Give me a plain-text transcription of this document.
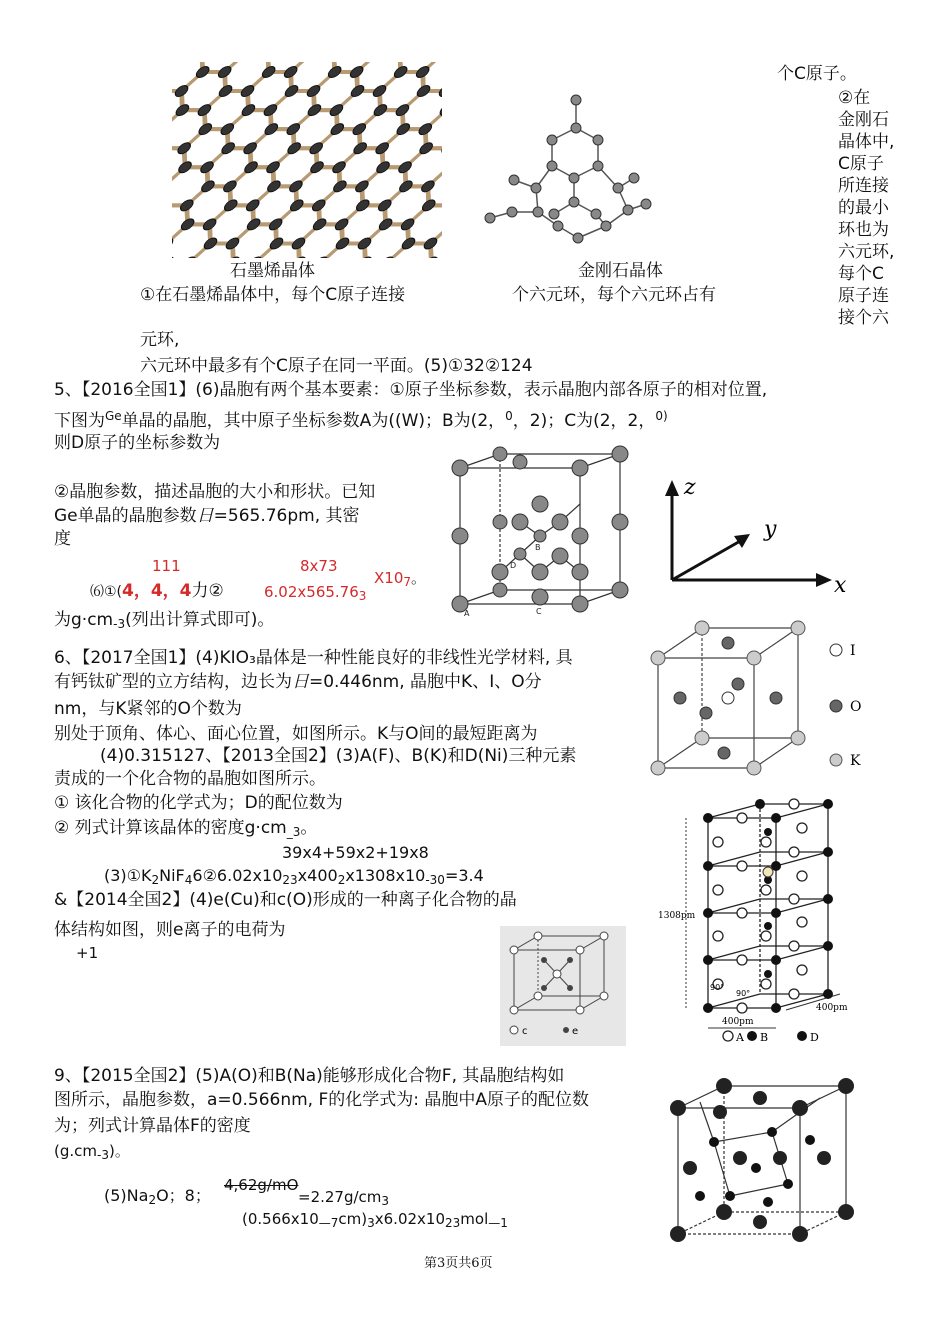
石墨烯晶体	金刚石晶体
①在石墨烯晶体中，每个C原子连接	个六元环，每个六元环占有
元环,
六元环中最多有个C原子在同一平面。(5)①32②124
个C原子。
②在
金刚石
晶体中,
C原子
所连接
的最小
环也为
六元环,
每个C
原子连
接个六
5、【2016全国1】(6)晶胞有两个基本要素：①原子坐标参数，表示晶胞内部各原子的相对位置,
下图为$^{Ge}$单晶的晶胞，其中原子坐标参数A为((W)；B为(2，$^0$，2)；C为(2，2，$^{0)}$
则D原子的坐标参数为
②晶胞参数，描述晶胞的大小和形状。已知
Ge单晶的晶胞参数日=565.76pm, 其密
度
111	8x73
⑹①(4，4，4力②	$6.02x565.76_3$
$X10_7$。
为g·cm-3(列出计算式即可)。
B
D
A	C
z
y
x
6、【2017全国1】(4)KIO₃晶体是一种性能良好的非线性光学材料, 具
有钙钛矿型的立方结构，边长为日=0.446nm, 晶胞中K、I、O分
nm，与K紧邻的O个数为
别处于顶角、体心、面心位置，如图所示。K与O间的最短距离为
(4)0.315127、【2013全国2】(3)A(F)、B(K)和D(Ni)三种元素
责成的一个化合物的晶胞如图所示。
I
O
K
① 该化合物的化学式为；D的配位数为
② 列式计算该晶体的密度g·cm_3。
39x4+59x2+19x8
(3)①K2NiF46②6.02x1023x4002x1308x10-30=3.4
1308pm
400pm
400pm
90°
90°
A B	D
&【2014全国2】(4)e(Cu)和c(O)形成的一种离子化合物的晶
体结构如图，则e离子的电荷为
+1
c	e
9、【2015全国2】(5)A(O)和B(Na)能够形成化合物F, 其晶胞结构如
图所示，晶胞参数，a=0.566nm, F的化学式为: 晶胞中A原子的配位数
为；列式计算晶体F的密度
$(g.cm_{-3})$。
(5)Na2O；8；
4,62g/mO
$=2.27g/cm_3$
$(0.566x10_{—7}cm)_3x6.02x10_{23}mol_{—1}$
第3页共6页
